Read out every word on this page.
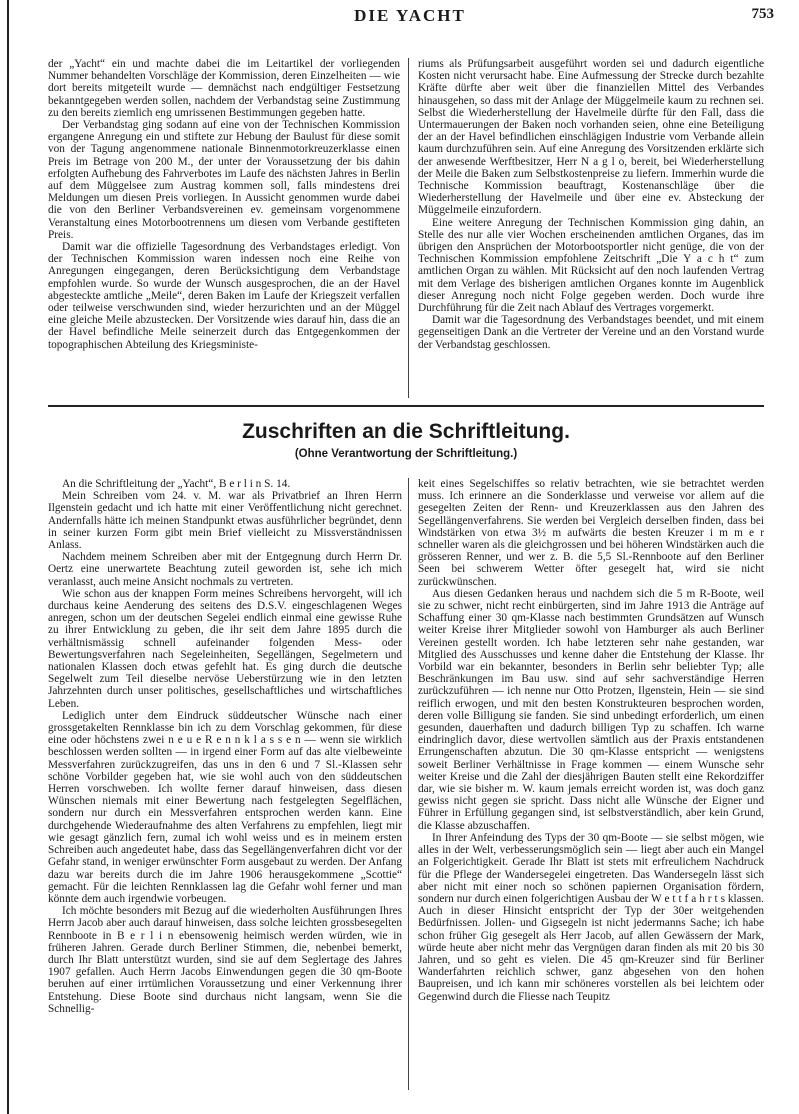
DIE YACHT	753

der „Yacht“ ein und machte dabei die im Leitartikel der vorliegenden Nummer behandelten Vorschläge der Kommission, deren Einzelheiten — wie dort bereits mitgeteilt wurde — demnächst nach endgültiger Festsetzung bekanntgegeben werden sollen, nachdem der Verbandstag seine Zustimmung zu den bereits ziemlich eng umrissenen Bestimmungen gegeben hatte.

Der Verbandstag ging sodann auf eine von der Technischen Kommission ergangene Anregung ein und stiftete zur Hebung der Baulust für diese somit von der Tagung angenommene nationale Binnenmotorkreuzerklasse einen Preis im Betrage von 200 M., der unter der Voraussetzung der bis dahin erfolgten Aufhebung des Fahrverbotes im Laufe des nächsten Jahres in Berlin auf dem Müggelsee zum Austrag kommen soll, falls mindestens drei Meldungen um diesen Preis vorliegen. In Aussicht genommen wurde dabei die von den Berliner Verbandsvereinen ev. gemeinsam vorgenommene Veranstaltung eines Motorbootrennens um diesen vom Verbande gestifteten Preis.

Damit war die offizielle Tagesordnung des Verbandstages erledigt. Von der Technischen Kommission waren indessen noch eine Reihe von Anregungen eingegangen, deren Berücksichtigung dem Verbandstage empfohlen wurde. So wurde der Wunsch ausgesprochen, die an der Havel abgesteckte amtliche „Meile“, deren Baken im Laufe der Kriegszeit verfallen oder teilweise verschwunden sind, wieder herzurichten und an der Müggel eine gleiche Meile abzustecken. Der Vorsitzende wies darauf hin, dass die an der Havel befindliche Meile seinerzeit durch das Entgegenkommen der topographischen Abteilung des Kriegsministe-

riums als Prüfungsarbeit ausgeführt worden sei und dadurch eigentliche Kosten nicht verursacht habe. Eine Aufmessung der Strecke durch bezahlte Kräfte dürfte aber weit über die finanziellen Mittel des Verbandes hinausgehen, so dass mit der Anlage der Müggelmeile kaum zu rechnen sei. Selbst die Wiederherstellung der Havelmeile dürfte für den Fall, dass die Untermauerungen der Baken noch vorhanden seien, ohne eine Beteiligung der an der Havel befindlichen einschlägigen Industrie vom Verbande allein kaum durchzuführen sein. Auf eine Anregung des Vorsitzenden erklärte sich der anwesende Werftbesitzer, Herr N a g l o, bereit, bei Wiederherstellung der Meile die Baken zum Selbstkostenpreise zu liefern. Immerhin wurde die Technische Kommission beauftragt, Kostenanschläge über die Wiederherstellung der Havelmeile und über eine ev. Absteckung der Müggelmeile einzufordern.

Eine weitere Anregung der Technischen Kommission ging dahin, an Stelle des nur alle vier Wochen erscheinenden amtlichen Organes, das im übrigen den Ansprüchen der Motorbootsportler nicht genüge, die von der Technischen Kommission empfohlene Zeitschrift „Die Y a c h t“ zum amtlichen Organ zu wählen. Mit Rücksicht auf den noch laufenden Vertrag mit dem Verlage des bisherigen amtlichen Organes konnte im Augenblick dieser Anregung noch nicht Folge gegeben werden. Doch wurde ihre Durchführung für die Zeit nach Ablauf des Vertrages vorgemerkt.

Damit war die Tagesordnung des Verbandstages beendet, und mit einem gegenseitigen Dank an die Vertreter der Vereine und an den Vorstand wurde der Verbandstag geschlossen.

Zuschriften an die Schriftleitung.
(Ohne Verantwortung der Schriftleitung.)

An die Schriftleitung der „Yacht“, B e r l i n S. 14.

Mein Schreiben vom 24. v. M. war als Privatbrief an Ihren Herrn Ilgenstein gedacht und ich hatte mit einer Veröffentlichung nicht gerechnet. Andernfalls hätte ich meinen Standpunkt etwas ausführlicher begründet, denn in seiner kurzen Form gibt mein Brief vielleicht zu Missverständnissen Anlass.

Nachdem meinem Schreiben aber mit der Entgegnung durch Herrn Dr. Oertz eine unerwartete Beachtung zuteil geworden ist, sehe ich mich veranlasst, auch meine Ansicht nochmals zu vertreten.

Wie schon aus der knappen Form meines Schreibens hervorgeht, will ich durchaus keine Aenderung des seitens des D.S.V. eingeschlagenen Weges anregen, schon um der deutschen Segelei endlich einmal eine gewisse Ruhe zu ihrer Entwicklung zu geben, die ihr seit dem Jahre 1895 durch die verhältnismässig schnell aufeinander folgenden Mess- oder Bewertungsverfahren nach Segeleinheiten, Segellängen, Segelmetern und nationalen Klassen doch etwas gefehlt hat. Es ging durch die deutsche Segelwelt zum Teil dieselbe nervöse Ueberstürzung wie in den letzten Jahrzehnten durch unser politisches, gesellschaftliches und wirtschaftliches Leben.

Lediglich unter dem Eindruck süddeutscher Wünsche nach einer grossgetakelten Rennklasse bin ich zu dem Vorschlag gekommen, für diese eine oder höchstens zwei n e u e R e n n k l a s s e n — wenn sie wirklich beschlossen werden sollten — in irgend einer Form auf das alte vielbeweinte Messverfahren zurückzugreifen, das uns in den 6 und 7 Sl.-Klassen sehr schöne Vorbilder gegeben hat, wie sie wohl auch von den süddeutschen Herren vorschweben. Ich wollte ferner darauf hinweisen, dass diesen Wünschen niemals mit einer Bewertung nach festgelegten Segelflächen, sondern nur durch ein Messverfahren entsprochen werden kann. Eine durchgehende Wiederaufnahme des alten Verfahrens zu empfehlen, liegt mir wie gesagt gänzlich fern, zumal ich wohl weiss und es in meinem ersten Schreiben auch angedeutet habe, dass das Segellängenverfahren dicht vor der Gefahr stand, in weniger erwünschter Form ausgebaut zu werden. Der Anfang dazu war bereits durch die im Jahre 1906 herausgekommene „Scottie“ gemacht. Für die leichten Rennklassen lag die Gefahr wohl ferner und man könnte dem auch irgendwie vorbeugen.

Ich möchte besonders mit Bezug auf die wiederholten Ausführungen Ihres Herrn Jacob aber auch darauf hinweisen, dass solche leichten grossbesegelten Rennboote in B e r l i n ebensowenig heimisch werden würden, wie in früheren Jahren. Gerade durch Berliner Stimmen, die, nebenbei bemerkt, durch Ihr Blatt unterstützt wurden, sind sie auf dem Seglertage des Jahres 1907 gefallen. Auch Herrn Jacobs Einwendungen gegen die 30 qm-Boote beruhen auf einer irrtümlichen Voraussetzung und einer Verkennung ihrer Entstehung. Diese Boote sind durchaus nicht langsam, wenn Sie die Schnellig-

keit eines Segelschiffes so relativ betrachten, wie sie betrachtet werden muss. Ich erinnere an die Sonderklasse und verweise vor allem auf die gesegelten Zeiten der Renn- und Kreuzerklassen aus den Jahren des Segellängenverfahrens. Sie werden bei Vergleich derselben finden, dass bei Windstärken von etwa 3½ m aufwärts die besten Kreuzer i m m e r schneller waren als die gleichgrossen und bei höheren Windstärken auch die grösseren Renner, und wer z. B. die 5,5 Sl.-Rennboote auf den Berliner Seen bei schwerem Wetter öfter gesegelt hat, wird sie nicht zurückwünschen.

Aus diesen Gedanken heraus und nachdem sich die 5 m R-Boote, weil sie zu schwer, nicht recht einbürgerten, sind im Jahre 1913 die Anträge auf Schaffung einer 30 qm-Klasse nach bestimmten Grundsätzen auf Wunsch weiter Kreise ihrer Mitglieder sowohl von Hamburger als auch Berliner Vereinen gestellt worden. Ich habe letzteren sehr nahe gestanden, war Mitglied des Ausschusses und kenne daher die Entstehung der Klasse. Ihr Vorbild war ein bekannter, besonders in Berlin sehr beliebter Typ; alle Beschränkungen im Bau usw. sind auf sehr sachverständige Herren zurückzuführen — ich nenne nur Otto Protzen, Ilgenstein, Hein — sie sind reiflich erwogen, und mit den besten Konstrukteuren besprochen worden, deren volle Billigung sie fanden. Sie sind unbedingt erforderlich, um einen gesunden, dauerhaften und dadurch billigen Typ zu schaffen. Ich warne eindringlich davor, diese wertvollen sämtlich aus der Praxis entstandenen Errungenschaften abzutun. Die 30 qm-Klasse entspricht — wenigstens soweit Berliner Verhältnisse in Frage kommen — einem Wunsche sehr weiter Kreise und die Zahl der diesjährigen Bauten stellt eine Rekordziffer dar, wie sie bisher m. W. kaum jemals erreicht worden ist, was doch ganz gewiss nicht gegen sie spricht. Dass nicht alle Wünsche der Eigner und Führer in Erfüllung gegangen sind, ist selbstverständlich, aber kein Grund, die Klasse abzuschaffen.

In Ihrer Anfeindung des Typs der 30 qm-Boote — sie selbst mögen, wie alles in der Welt, verbesserungsmöglich sein — liegt aber auch ein Mangel an Folgerichtigkeit. Gerade Ihr Blatt ist stets mit erfreulichem Nachdruck für die Pflege der Wandersegelei eingetreten. Das Wandersegeln lässt sich aber nicht mit einer noch so schönen papiernen Organisation fördern, sondern nur durch einen folgerichtigen Ausbau der W e t t f a h r t s klassen. Auch in dieser Hinsicht entspricht der Typ der 30er weitgehenden Bedürfnissen. Jollen- und Gigsegeln ist nicht jedermanns Sache; ich habe schon früher Gig gesegelt als Herr Jacob, auf allen Gewässern der Mark, würde heute aber nicht mehr das Vergnügen daran finden als mit 20 bis 30 Jahren, und so geht es vielen. Die 45 qm-Kreuzer sind für Berliner Wanderfahrten reichlich schwer, ganz abgesehen von den hohen Baupreisen, und ich kann mir schöneres vorstellen als bei leichtem oder Gegenwind durch die Fliesse nach Teupitz
